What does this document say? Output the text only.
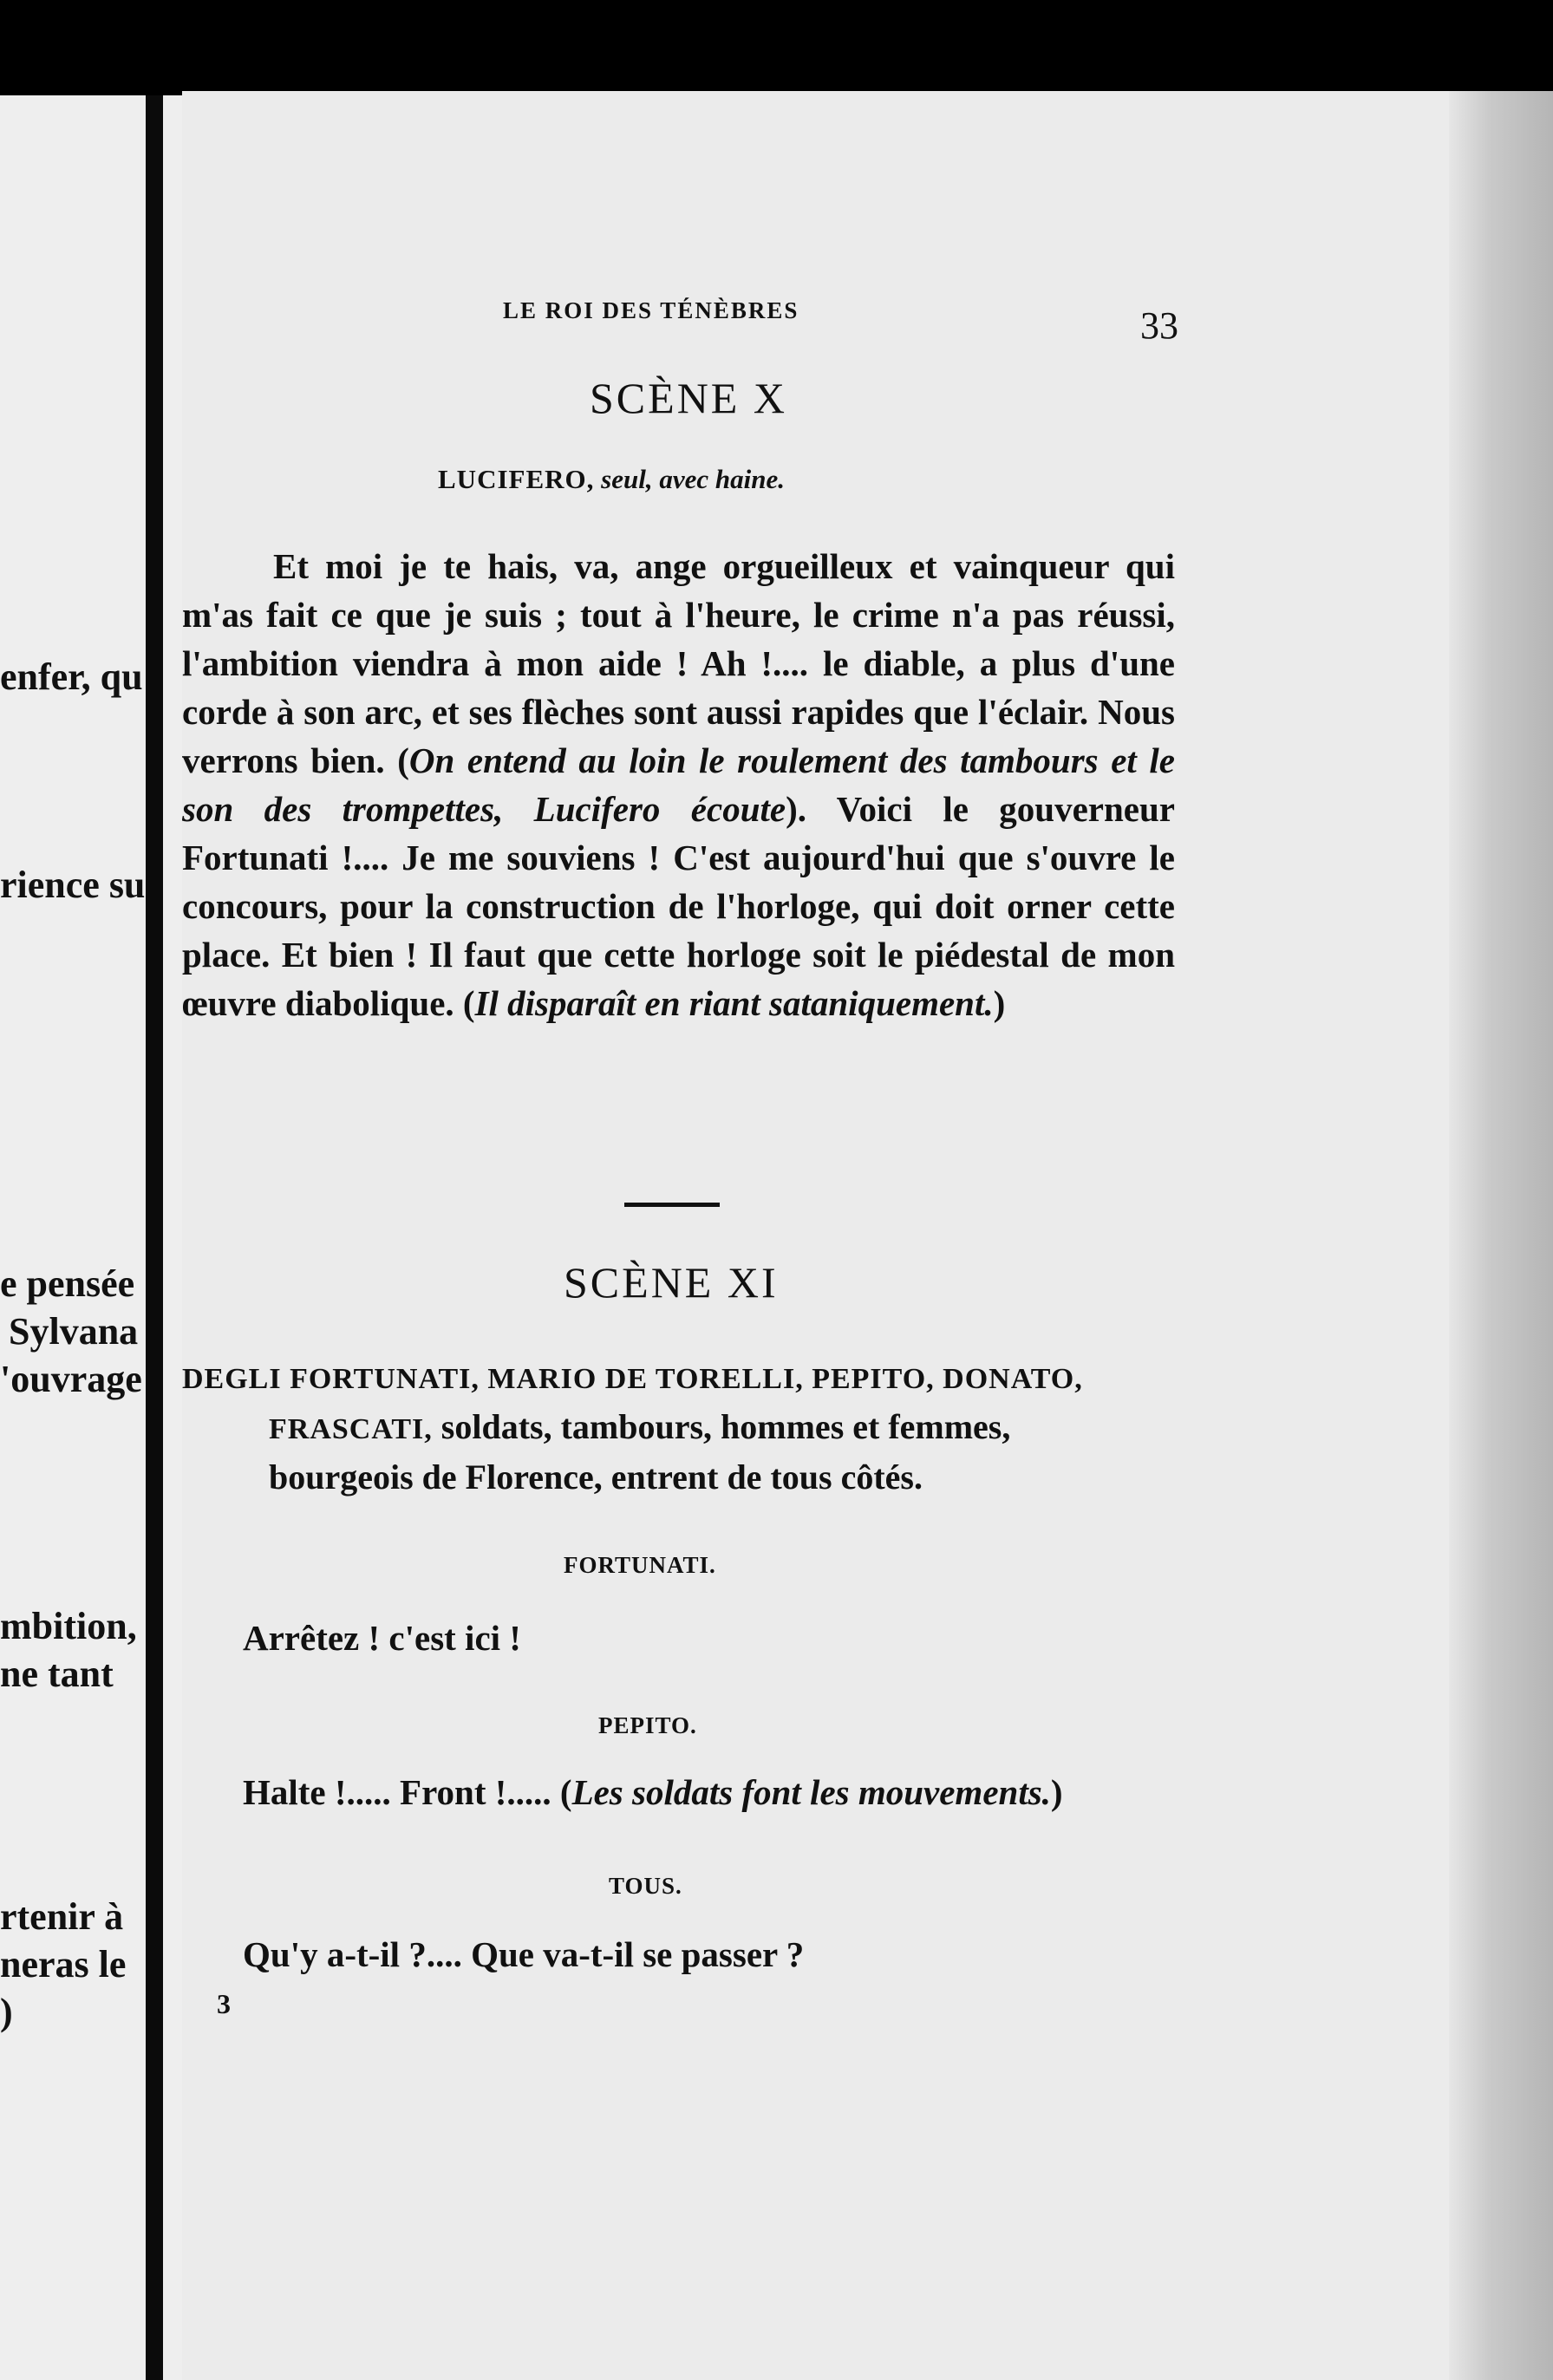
enfer, qu
rience su
e pensée
Sylvana
'ouvrage
mbition,
ne tant
rtenir à
neras le
)
LE ROI DES TÉNÈBRES	33
SCÈNE X
LUCIFERO, seul, avec haine.
Et moi je te hais, va, ange orgueilleux et vainqueur qui m'as fait ce que je suis ; tout à l'heure, le crime n'a pas réussi, l'ambition viendra à mon aide ! Ah !.... le diable, a plus d'une corde à son arc, et ses flèches sont aussi rapides que l'éclair. Nous verrons bien. (On entend au loin le roulement des tambours et le son des trompettes, Lucifero écoute). Voici le gouverneur Fortunati !.... Je me souviens ! C'est aujourd'hui que s'ouvre le concours, pour la construction de l'horloge, qui doit orner cette place. Et bien ! Il faut que cette horloge soit le piédestal de mon œuvre diabolique. (Il disparaît en riant sataniquement.)
SCÈNE XI
DEGLI FORTUNATI, MARIO DE TORELLI, PEPITO, DONATO,
FRASCATI, soldats, tambours, hommes et femmes,
bourgeois de Florence, entrent de tous côtés.
FORTUNATI.
Arrêtez ! c'est ici !
PEPITO.
Halte !..... Front !..... (Les soldats font les mouvements.)
TOUS.
Qu'y a-t-il ?.... Que va-t-il se passer ?
3
